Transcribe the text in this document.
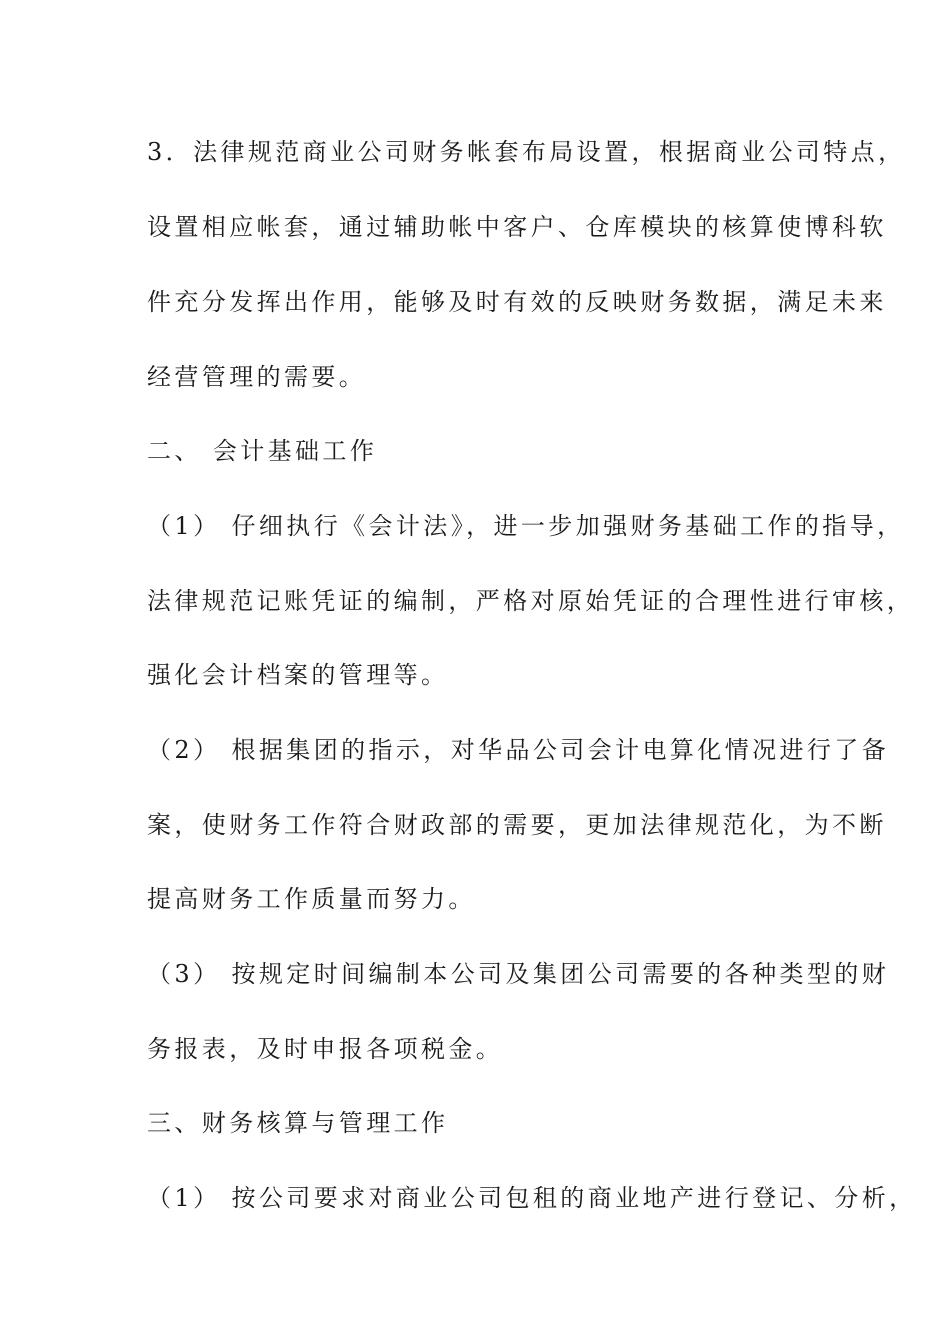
3．法律规范商业公司财务帐套布局设置，根据商业公司特点，
设置相应帐套，通过辅助帐中客户、仓库模块的核算使博科软
件充分发挥出作用，能够及时有效的反映财务数据，满足未来
经营管理的需要。
二、 会计基础工作
（1） 仔细执行《会计法》，进一步加强财务基础工作的指导，
法律规范记账凭证的编制，严格对原始凭证的合理性进行审核，
强化会计档案的管理等。
（2） 根据集团的指示，对华品公司会计电算化情况进行了备
案，使财务工作符合财政部的需要，更加法律规范化，为不断
提高财务工作质量而努力。
（3） 按规定时间编制本公司及集团公司需要的各种类型的财
务报表，及时申报各项税金。
三、财务核算与管理工作
（1） 按公司要求对商业公司包租的商业地产进行登记、分析，
